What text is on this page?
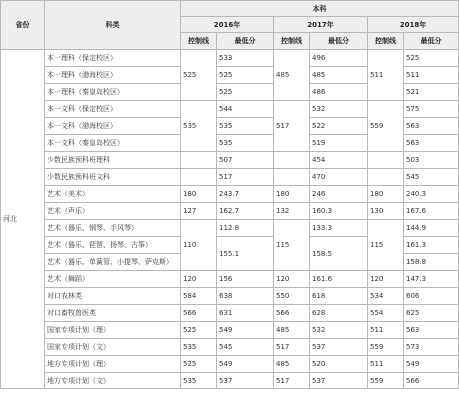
省份	科类	本科					
		2016年		2017年		2018年	
		控制线	最低分	控制线	最低分	控制线	最低分
河北	本一理科（保定校区）	525	533	485	496	511	525
	本一理科（渤海校区）		525		485		511
	本一理科（秦皇岛校区）		525		486		521
	本一文科（保定校区）	535	544	517	532	559	575
	本一文科（渤海校区）		535		522		563
	本一文科（秦皇岛校区）		535		519		563
	少数民族预科班理科		507		454		503
	少数民族预科班文科		517		470		545
	艺术（美术）	180	243.7	180	246	180	240.3
	艺术（声乐）	127	162.7	132	160.3	130	167.6
	艺术（器乐、钢琴、手风琴）	110	112.8	115	133.3	115	144.9
	艺术（器乐、琵琶、扬琴、古筝）		155.1		158.5		161.3
	艺术（器乐、单簧管、小提琴、萨克斯）						158.8
	艺术（舞蹈）	120	156	120	161.6	120	147.3
	对口农林类	584	638	550	618	534	606
	对口畜牧兽医类	566	631	566	628	554	625
	国家专项计划（理）	525	549	485	532	511	563
	国家专项计划（文）	535	545	517	537	559	573
	地方专项计划（理）	525	549	485	520	511	549
	地方专项计划（文）	535	537	517	537	559	566
